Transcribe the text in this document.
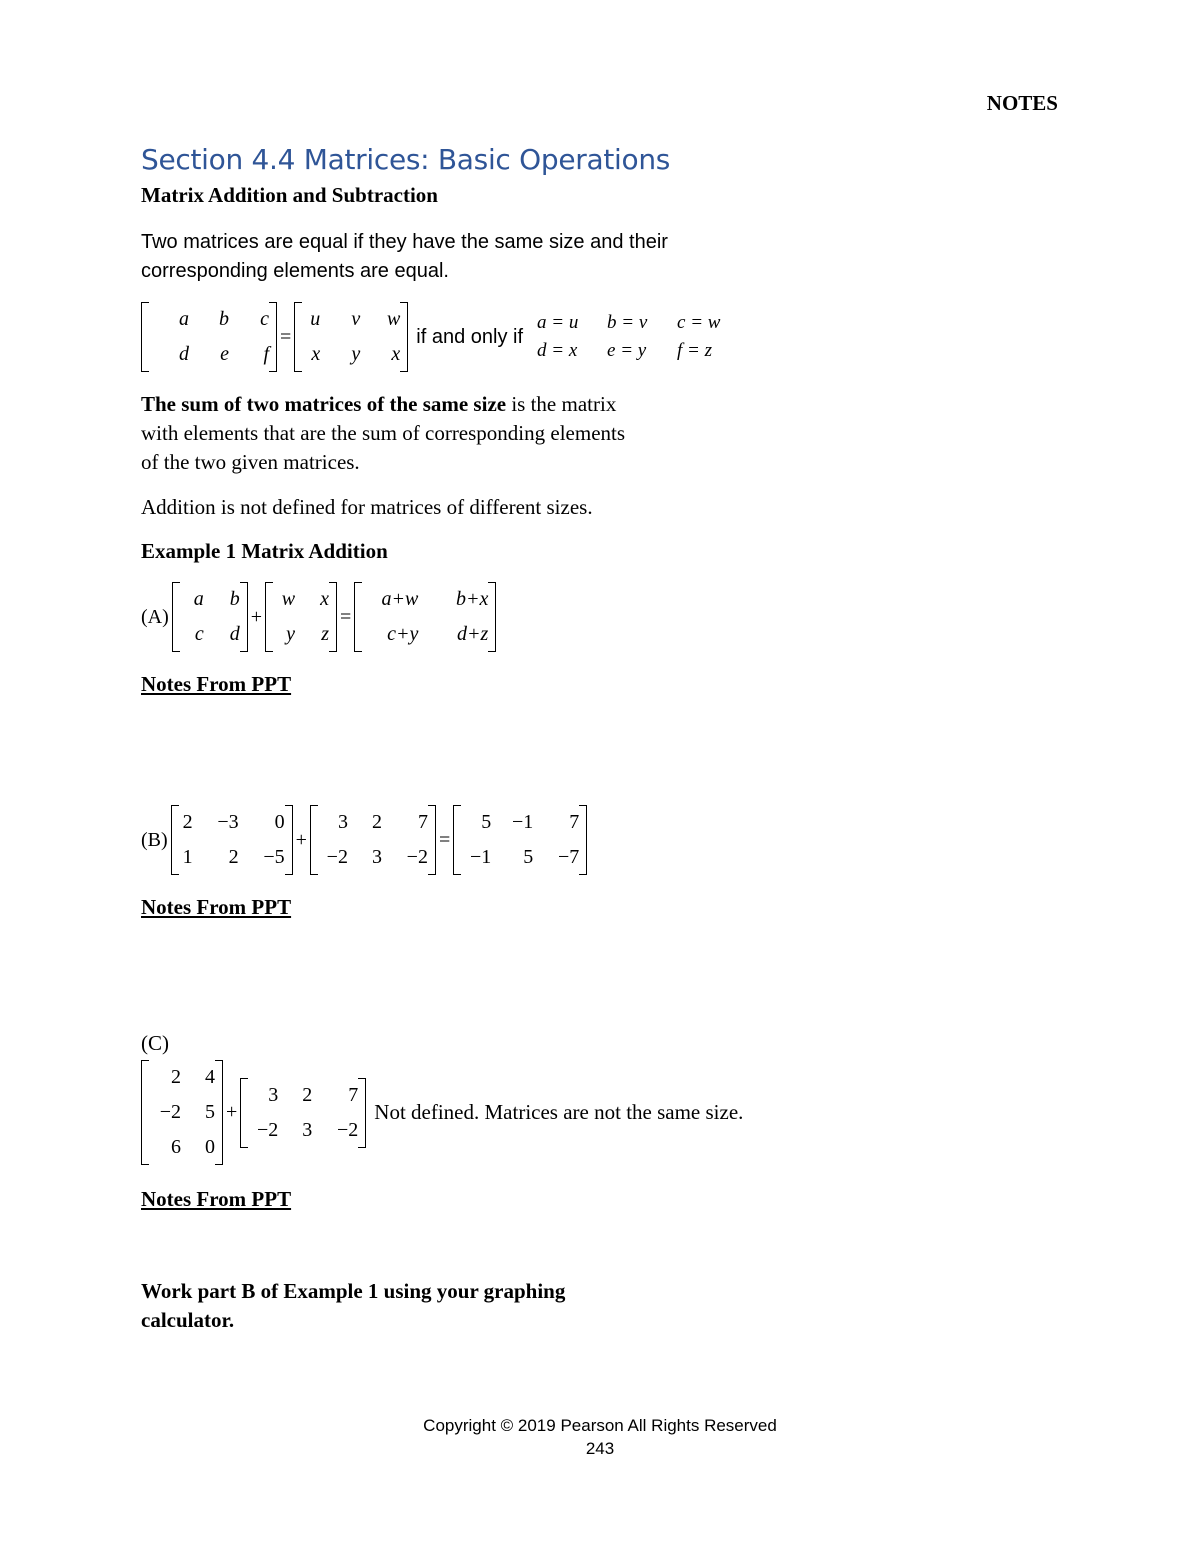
NOTES
Section 4.4 Matrices: Basic Operations
Matrix Addition and Subtraction
Two matrices are equal if they have the same size and their
corresponding elements are equal.
a	b	c
d	e	f
=
u	v	w
x	y	x
if and only if
a = u	b = v	c = w
d = x	e = y	f = z
The sum of two matrices of the same size is the matrix
with elements that are the sum of corresponding elements
of the two given matrices.
Addition is not defined for matrices of different sizes.
Example 1 Matrix Addition
(A)
a	b
c	d
+
w	x
y	z
=
a+w	b+x
c+y	d+z
Notes From PPT
(B)
2	−3	0
1	2	−5
+
3	2	7
−2	3	−2
=
5	−1	7
−1	5	−7
Notes From PPT
(C)
2	4
−2	5
6	0
+
3	2	7
−2	3	−2
Not defined. Matrices are not the same size.
Notes From PPT
Work part B of Example 1 using your graphing
calculator.
Copyright © 2019 Pearson All Rights Reserved
243
